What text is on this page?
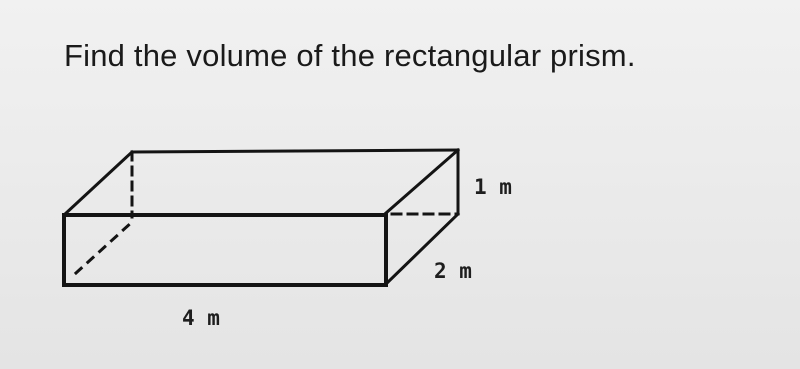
Find the volume of the rectangular prism.
1 m
2 m
4 m
